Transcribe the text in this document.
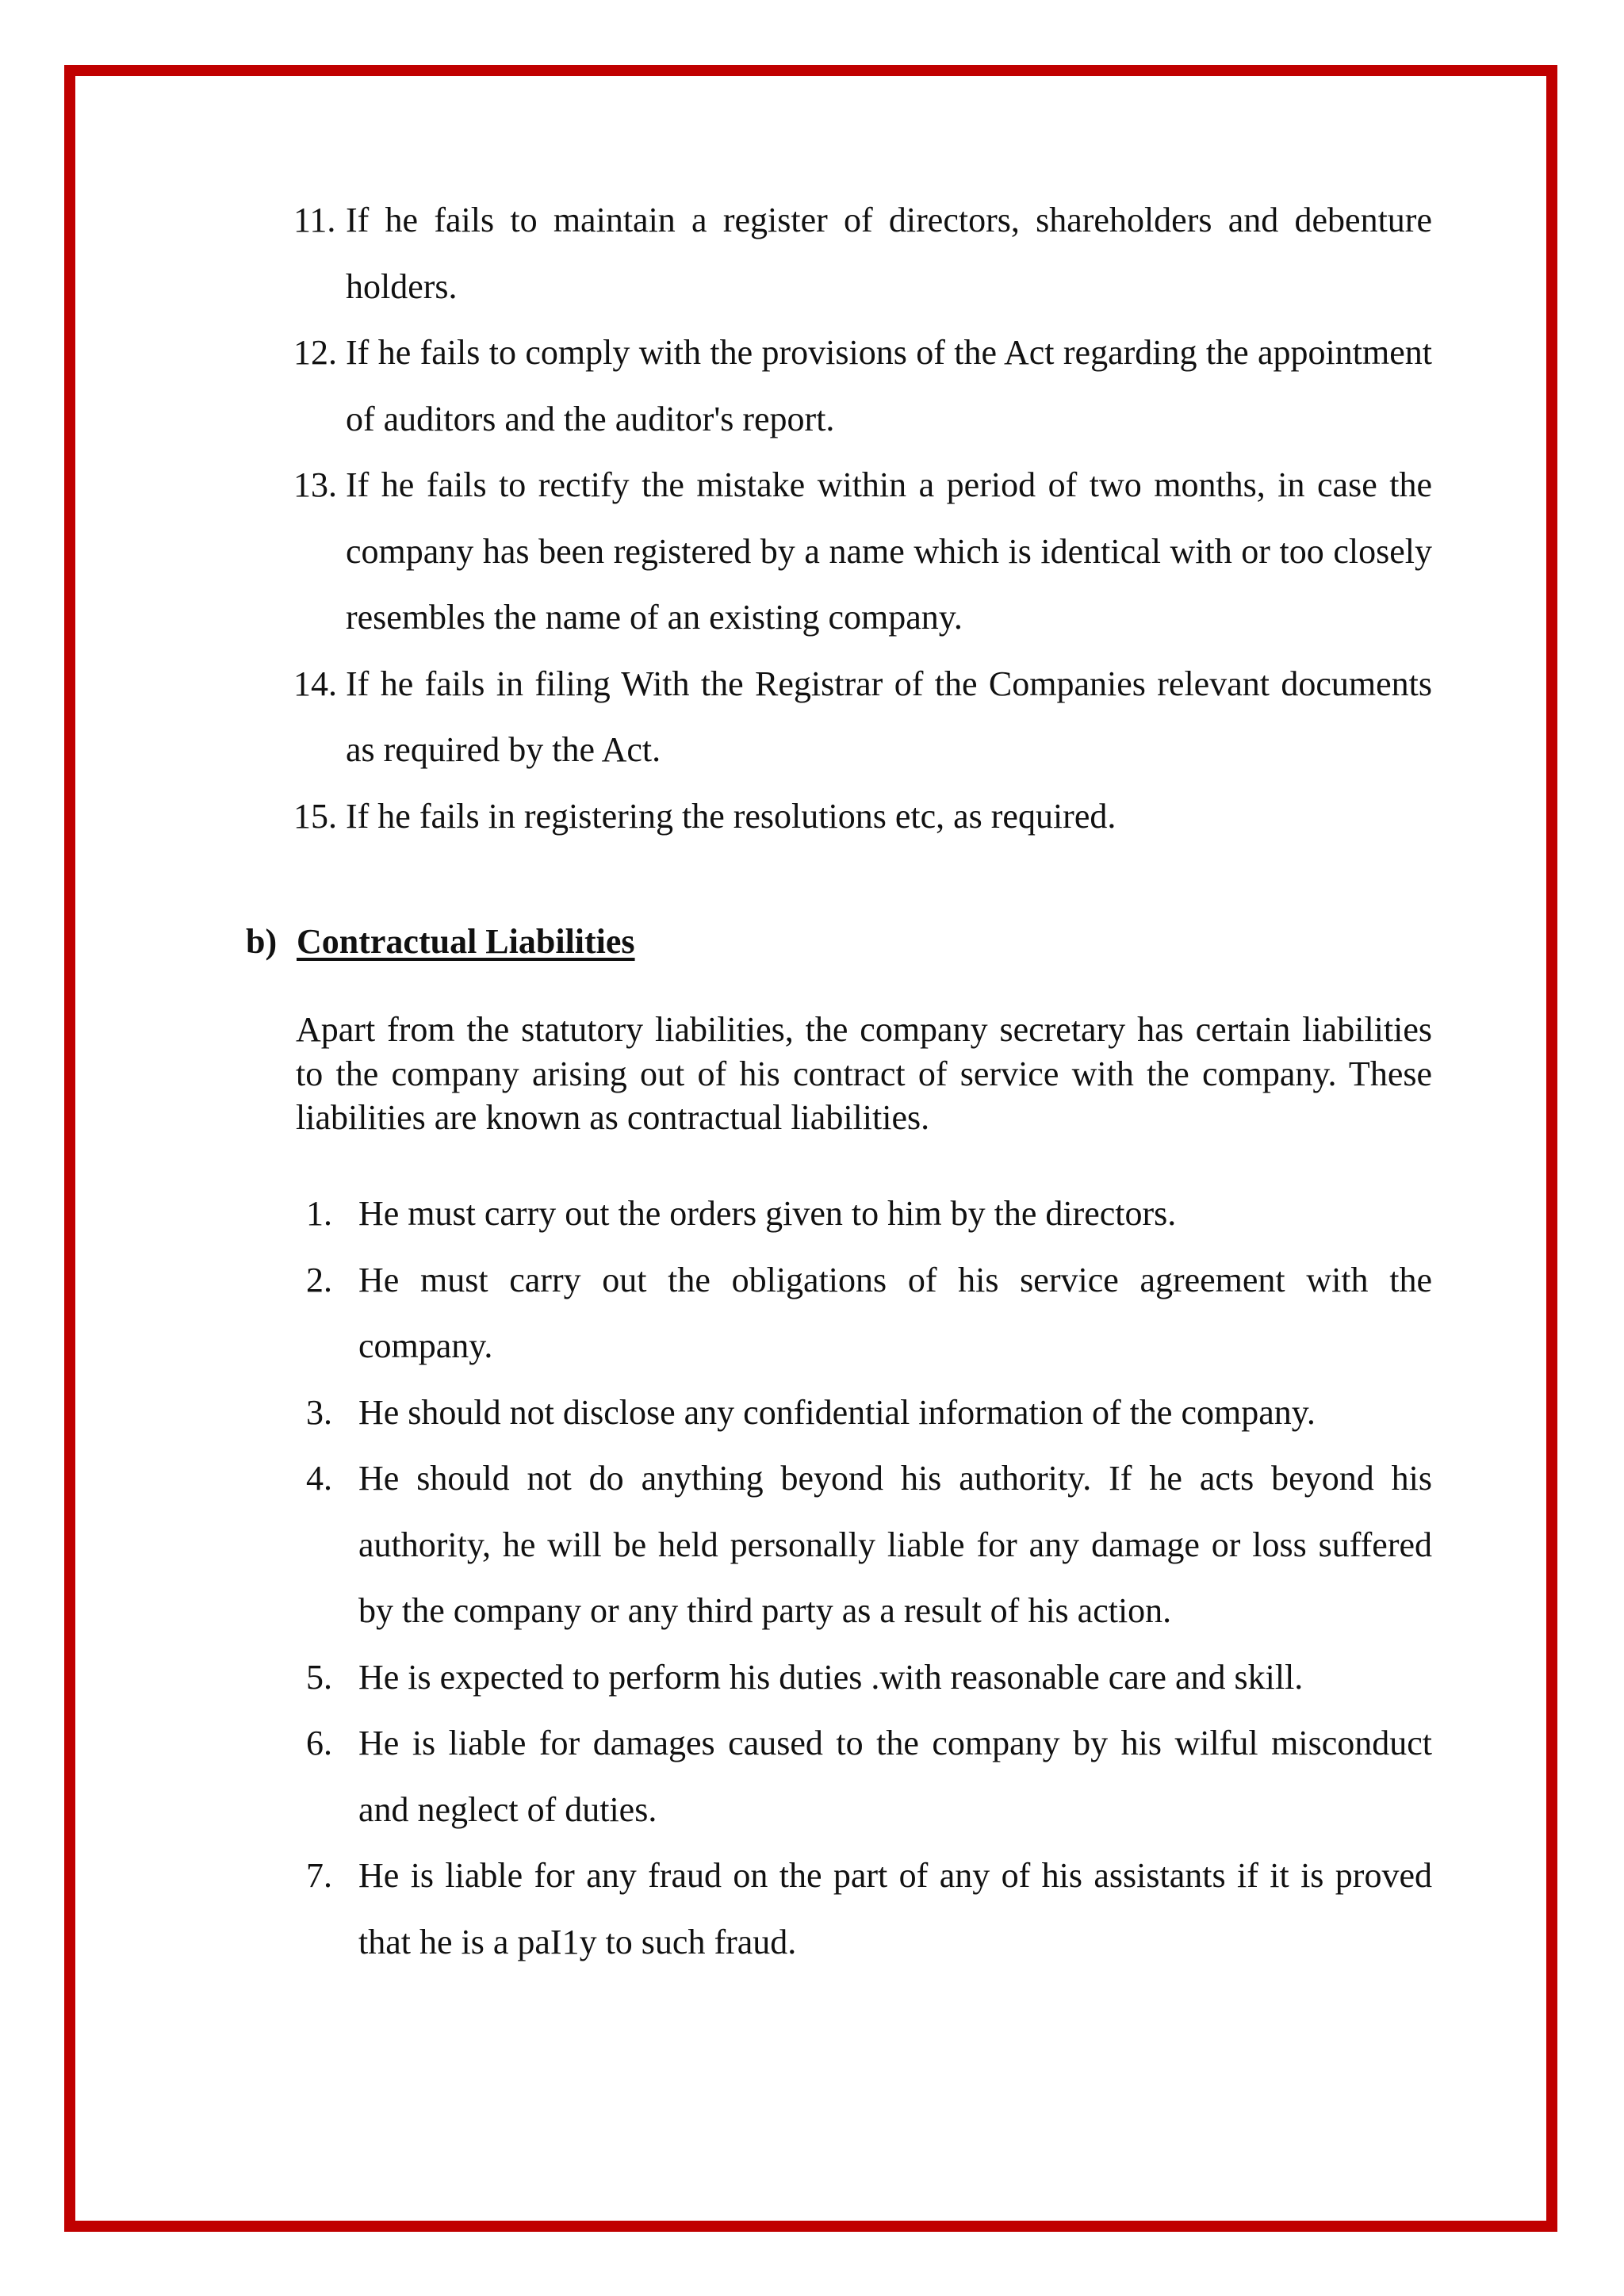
11. If he fails to maintain a register of directors, shareholders and debenture holders.
12. If he fails to comply with the provisions of the Act regarding the appointment of auditors and the auditor's report.
13. If he fails to rectify the mistake within a period of two months, in case the company has been registered by a name which is identical with or too closely resembles the name of an existing company.
14. If he fails in filing With the Registrar of the Companies relevant documents as required by the Act.
15. If he fails in registering the resolutions etc, as required.
b) Contractual Liabilities

Apart from the statutory liabilities, the company secretary has certain liabilities to the company arising out of his contract of service with the company. These liabilities are known as contractual liabilities.

1. He must carry out the orders given to him by the directors.
2. He must carry out the obligations of his service agreement with the company.
3. He should not disclose any confidential information of the company.
4. He should not do anything beyond his authority. If he acts beyond his authority, he will be held personally liable for any damage or loss suffered by the company or any third party as a result of his action.
5. He is expected to perform his duties .with reasonable care and skill.
6. He is liable for damages caused to the company by his wilful misconduct and neglect of duties.
7. He is liable for any fraud on the part of any of his assistants if it is proved that he is a paI1y to such fraud.
